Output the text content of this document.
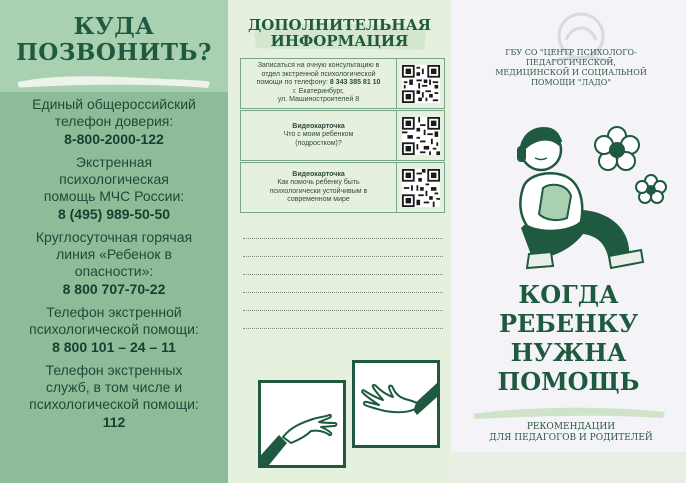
КУДА
ПОЗВОНИТЬ?
Единый общероссийский
телефон доверия:
8-800-2000-122
Экстренная
психологическая
помощь МЧС России:
8 (495) 989-50-50
Круглосуточная горячая
линия «Ребенок в
опасности»:
8 800 707-70-22
Телефон экстренной
психологической помощи:
8 800 101 – 24 – 11
Телефон экстренных
служб, в том числе и
психологической помощи:
112
ДОПОЛНИТЕЛЬНАЯ
ИНФОРМАЦИЯ
Записаться на очную консультацию в
отдел экстренной психологической
помощи по телефону: 8 343 385 81 10
г. Екатеринбург,
ул. Машиностроителей 8
Видеокарточка
Что с моим ребенком
(подростком)?
Видеокарточка
Как помочь ребенку быть
психологически устойчивым в
современном мире
ГБУ СО "ЦЕНТР ПСИХОЛОГО-
ПЕДАГОГИЧЕСКОЙ,
МЕДИЦИНСКОЙ И СОЦИАЛЬНОЙ
ПОМОЩИ "ЛАДО"
КОГДА
РЕБЕНКУ
НУЖНА
ПОМОЩЬ
РЕКОМЕНДАЦИИ
ДЛЯ ПЕДАГОГОВ И РОДИТЕЛЕЙ
